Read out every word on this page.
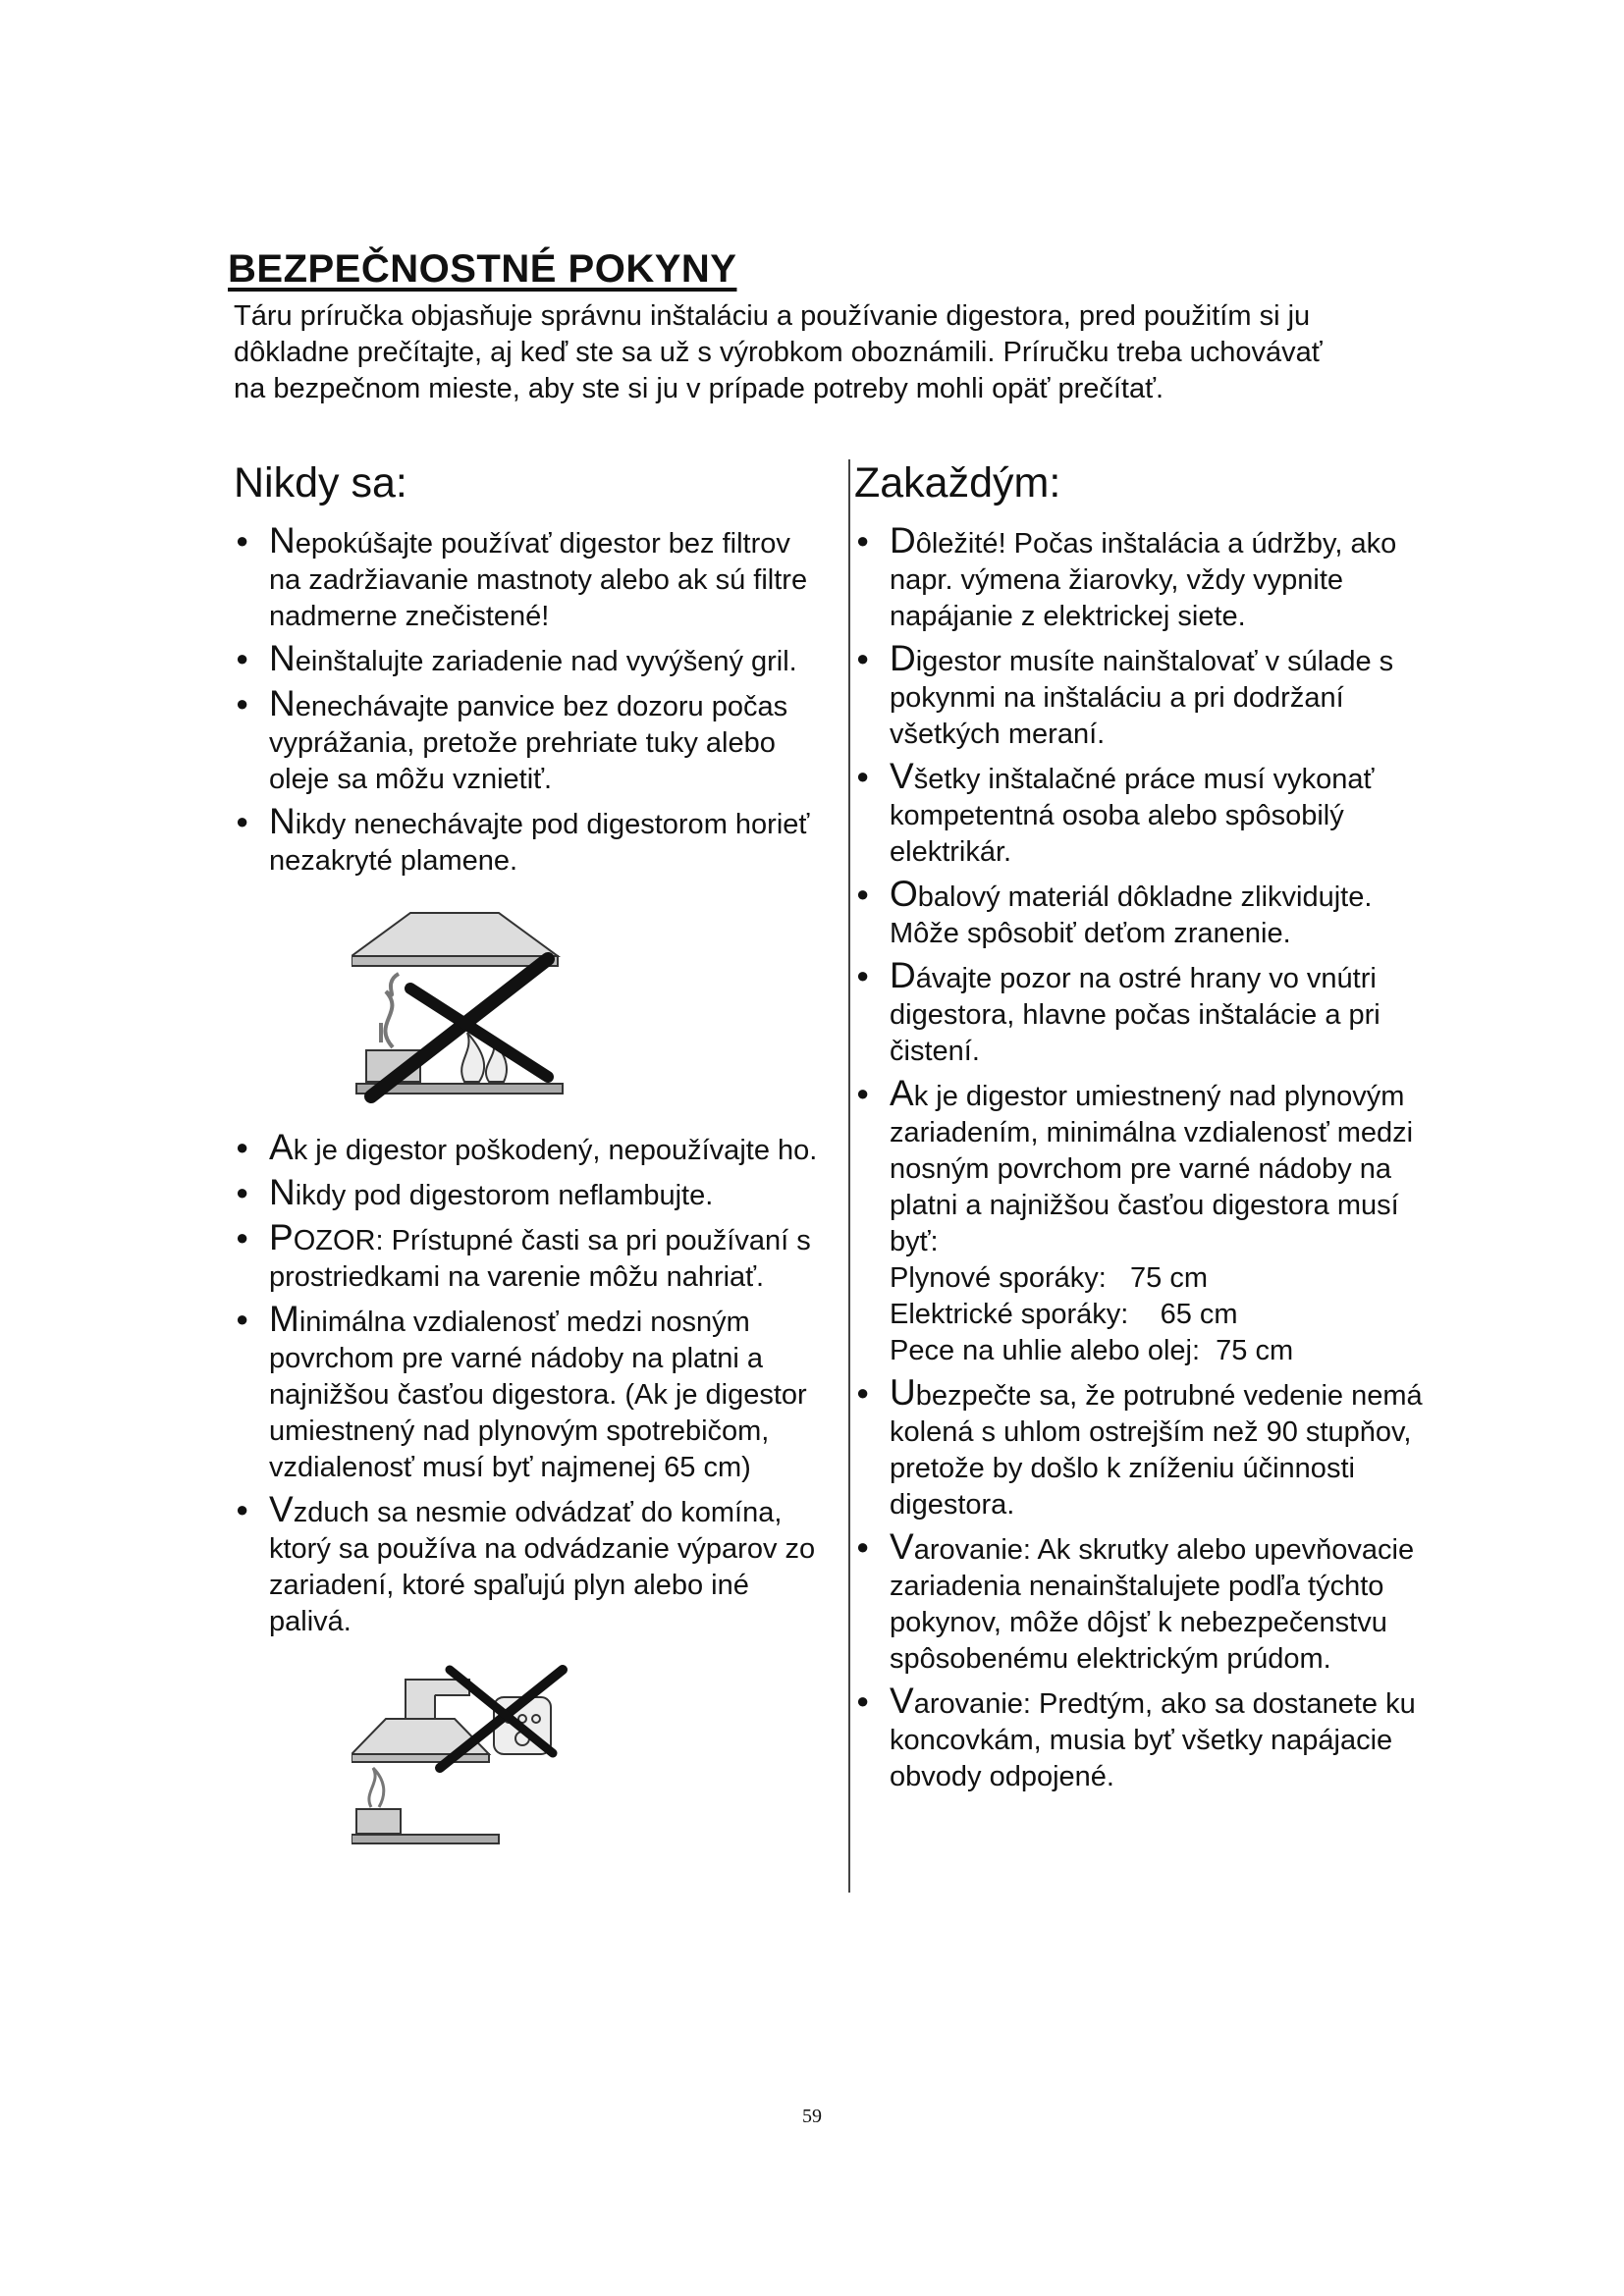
BEZPEČNOSTNÉ POKYNY

Táru príručka objasňuje správnu inštaláciu a používanie digestora, pred použitím si ju

dôkladne prečítajte, aj keď ste sa už s výrobkom oboznámili. Príručku treba uchovávať

na bezpečnom mieste, aby ste si ju v prípade potreby mohli opäť prečítať.

Nikdy sa:
● Nepokúšajte používať digestor bez filtrov na zadržiavanie mastnoty alebo ak sú filtre nadmerne znečistené!
● Neinštalujte zariadenie nad vyvýšený gril.
● Nenechávajte panvice bez dozoru počas vyprážania, pretože prehriate tuky alebo oleje sa môžu vznietiť.
● Nikdy nenechávajte pod digestorom horieť nezakryté plamene.
● Ak je digestor poškodený, nepoužívajte ho.
● Nikdy pod digestorom neflambujte.
● POZOR: Prístupné časti sa pri používaní s prostriedkami na varenie môžu nahriať.
● Minimálna vzdialenosť medzi nosným povrchom pre varné nádoby na platni a najnižšou časťou digestora. (Ak je digestor umiestnený nad plynovým spotrebičom, vzdialenosť musí byť najmenej 65 cm)
● Vzduch sa nesmie odvádzať do komína, ktorý sa používa na odvádzanie výparov zo zariadení, ktoré spaľujú plyn alebo iné palivá.
Zakaždým:
● Dôležité! Počas inštalácia a údržby, ako napr. výmena žiarovky, vždy vypnite napájanie z elektrickej siete.
● Digestor musíte nainštalovať v súlade s pokynmi na inštaláciu a pri dodržaní všetkých meraní.
● Všetky inštalačné práce musí vykonať kompetentná osoba alebo spôsobilý elektrikár.
● Obalový materiál dôkladne zlikvidujte. Môže spôsobiť deťom zranenie.
● Dávajte pozor na ostré hrany vo vnútri digestora, hlavne počas inštalácie a pri čistení.
● Ak je digestor umiestnený nad plynovým zariadením, minimálna vzdialenosť medzi nosným povrchom pre varné nádoby na platni a najnižšou časťou digestora musí byť:
Plynové sporáky: 75 cm
Elektrické sporáky: 65 cm
Pece na uhlie alebo olej: 75 cm
● Ubezpečte sa, že potrubné vedenie nemá kolená s uhlom ostrejším než 90 stupňov, pretože by došlo k zníženiu účinnosti digestora.
● Varovanie: Ak skrutky alebo upevňovacie zariadenia nenainštalujete podľa týchto pokynov, môže dôjsť k nebezpečenstvu spôsobenému elektrickým prúdom.
● Varovanie: Predtým, ako sa dostanete ku koncovkám, musia byť všetky napájacie obvody odpojené.
59
